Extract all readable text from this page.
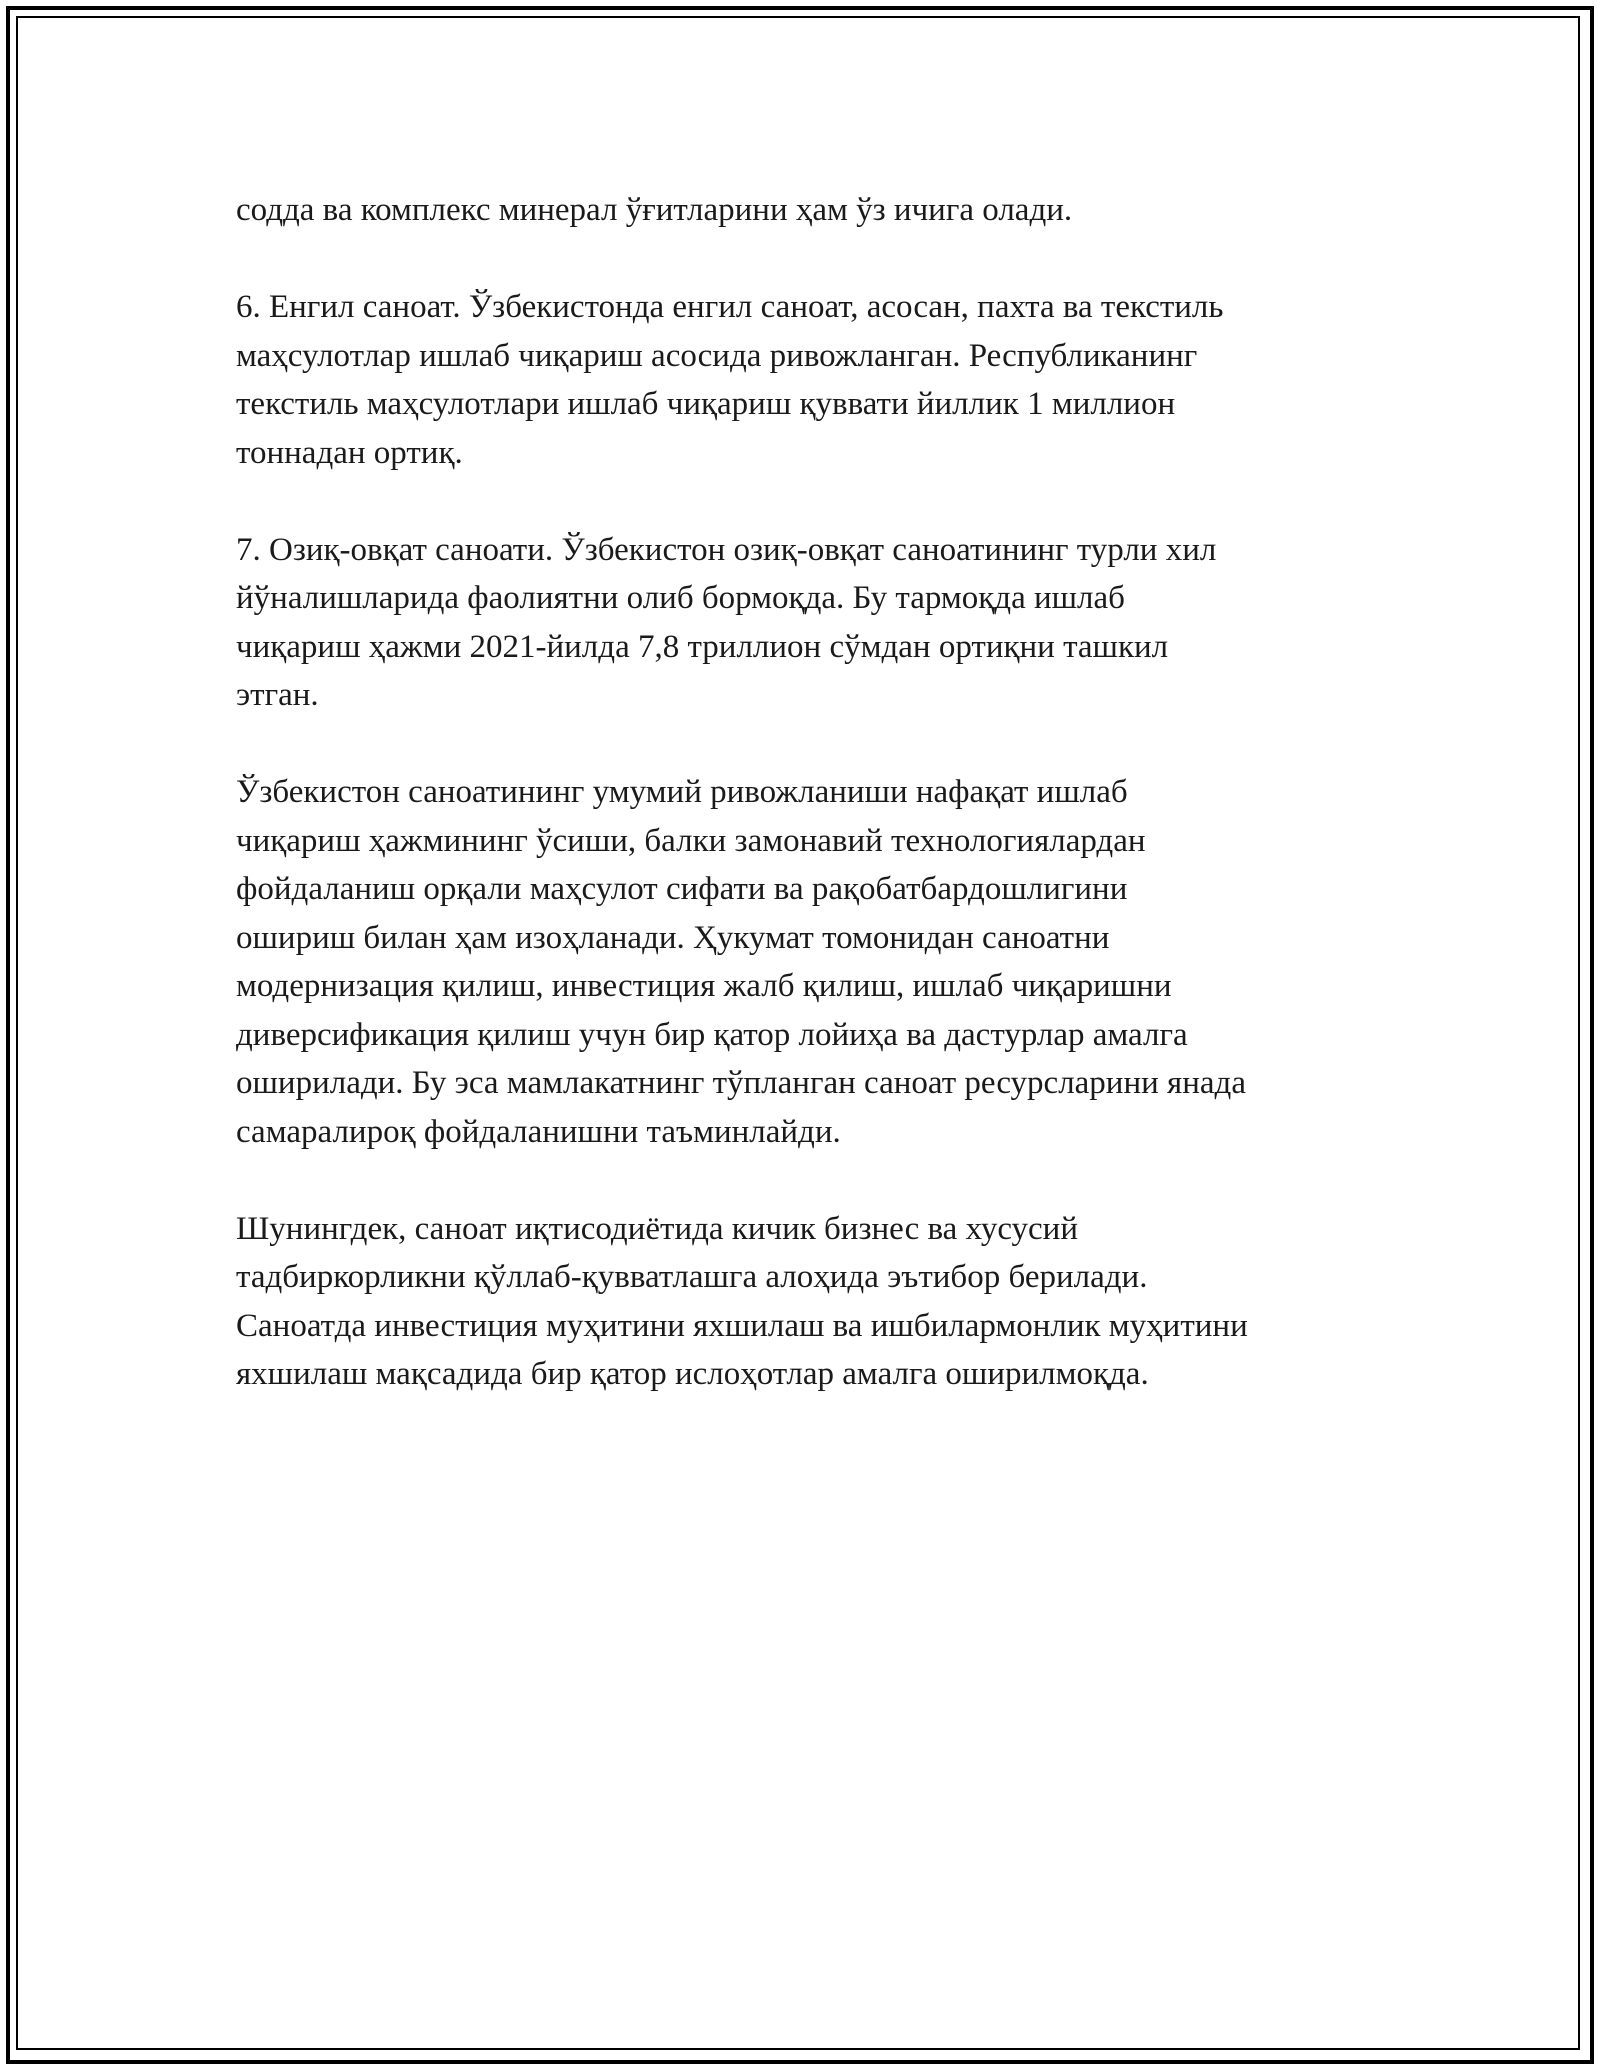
содда ва комплекс минерал ўғитларини ҳам ўз ичига олади.

6. Енгил саноат. Ўзбекистонда енгил саноат, асосан, пахта ва текстиль
маҳсулотлар ишлаб чиқариш асосида ривожланган. Республиканинг
текстиль маҳсулотлари ишлаб чиқариш қуввати йиллик 1 миллион
тоннадан ортиқ.

7. Озиқ-овқат саноати. Ўзбекистон озиқ-овқат саноатининг турли хил
йўналишларида фаолиятни олиб бормоқда. Бу тармоқда ишлаб
чиқариш ҳажми 2021-йилда 7,8 триллион сўмдан ортиқни ташкил
этган.

Ўзбекистон саноатининг умумий ривожланиши нафақат ишлаб
чиқариш ҳажмининг ўсиши, балки замонавий технологиялардан
фойдаланиш орқали маҳсулот сифати ва рақобатбардошлигини
ошириш билан ҳам изоҳланади. Ҳукумат томонидан саноатни
модернизация қилиш, инвестиция жалб қилиш, ишлаб чиқаришни
диверсификация қилиш учун бир қатор лойиҳа ва дастурлар амалга
оширилади. Бу эса мамлакатнинг тўпланган саноат ресурсларини янада
самаралироқ фойдаланишни таъминлайди.

Шунингдек, саноат иқтисодиётида кичик бизнес ва хусусий
тадбиркорликни қўллаб-қувватлашга алоҳида эътибор берилади.
Саноатда инвестиция муҳитини яхшилаш ва ишбилармонлик муҳитини
яхшилаш мақсадида бир қатор ислоҳотлар амалга оширилмоқда.
